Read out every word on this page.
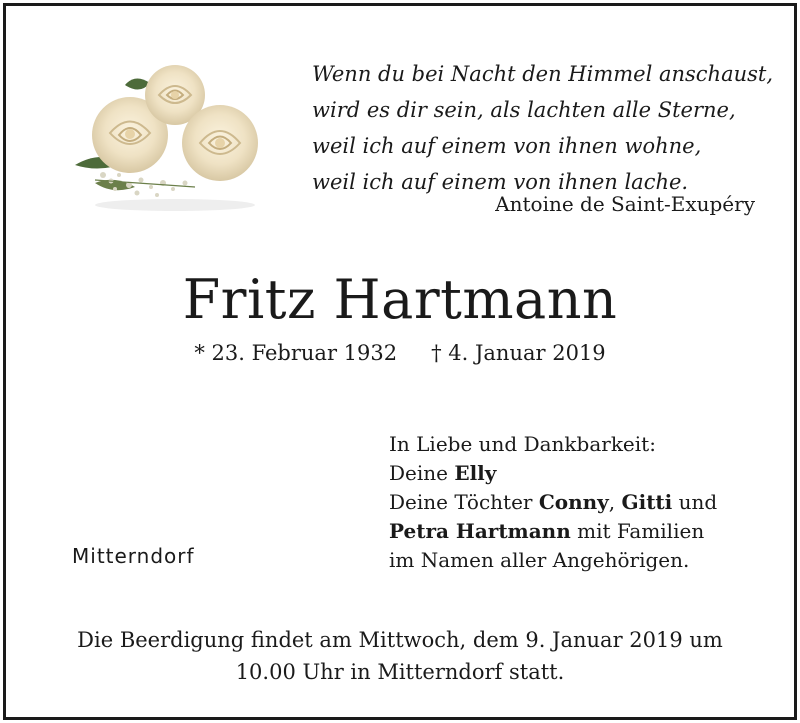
Wenn du bei Nacht den Himmel anschaust,
wird es dir sein, als lachten alle Sterne,
weil ich auf einem von ihnen wohne,
weil ich auf einem von ihnen lache.
Antoine de Saint-Exupéry
Fritz Hartmann
* 23. Februar 1932 † 4. Januar 2019
In Liebe und Dankbarkeit:
Deine Elly
Deine Töchter Conny, Gitti und
Petra Hartmann mit Familien
im Namen aller Angehörigen.
Mitterndorf
Die Beerdigung findet am Mittwoch, dem 9. Januar 2019 um
10.00 Uhr in Mitterndorf statt.
